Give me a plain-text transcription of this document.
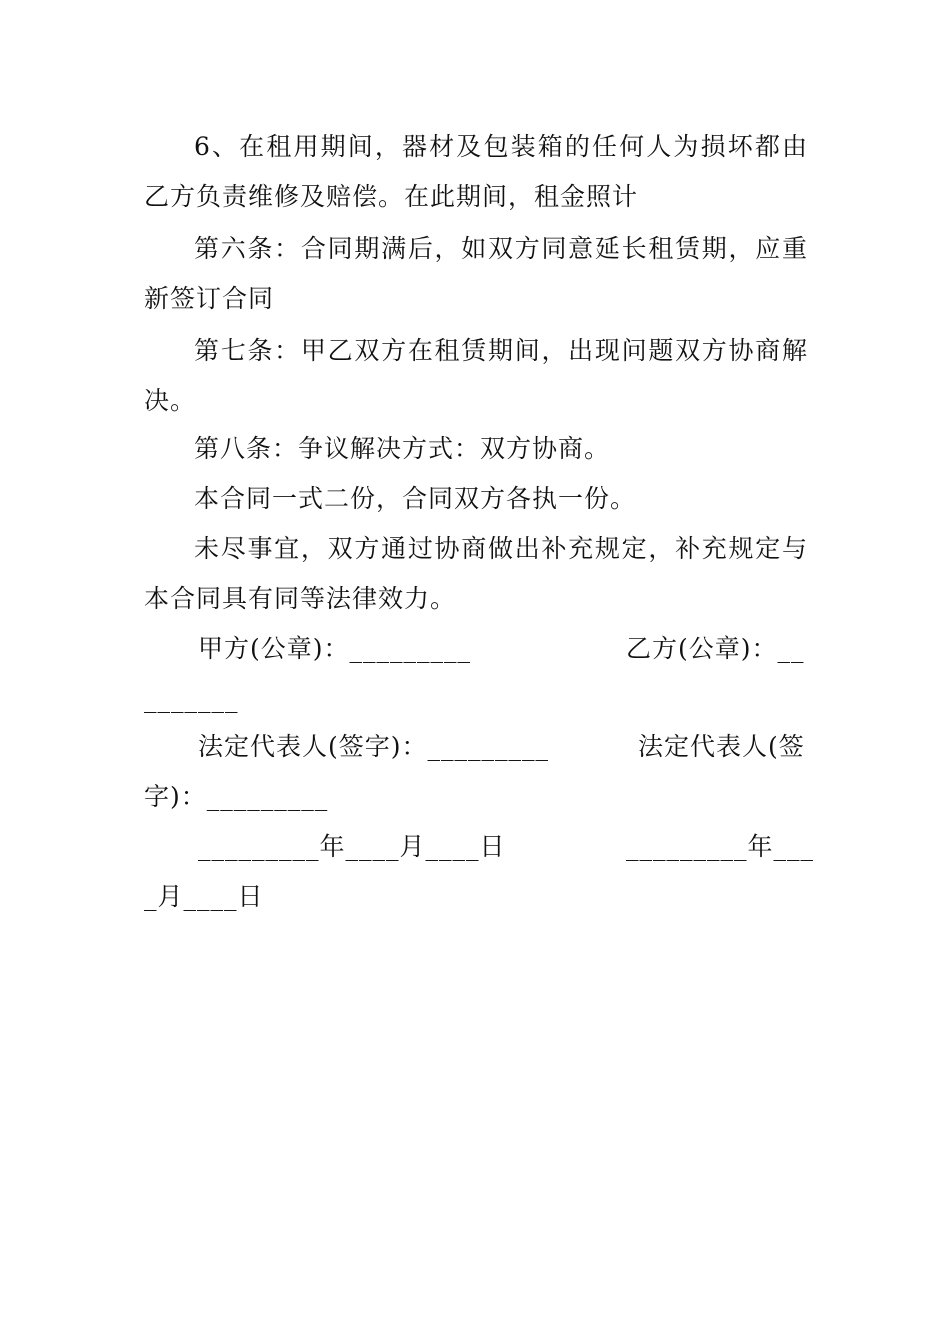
6、在租用期间，器材及包装箱的任何人为损坏都由乙方负责维修及赔偿。在此期间，租金照计

第六条：合同期满后，如双方同意延长租赁期，应重新签订合同

第七条：甲乙双方在租赁期间，出现问题双方协商解决。

第八条：争议解决方式：双方协商。

本合同一式二份，合同双方各执一份。

未尽事宜，双方通过协商做出补充规定，补充规定与本合同具有同等法律效力。

甲方(公章)：_________	乙方(公章)：__
_______
法定代表人(签字)：_________	法定代表人(签
字)：_________
_________年____月____日	_________年___
_月____日
